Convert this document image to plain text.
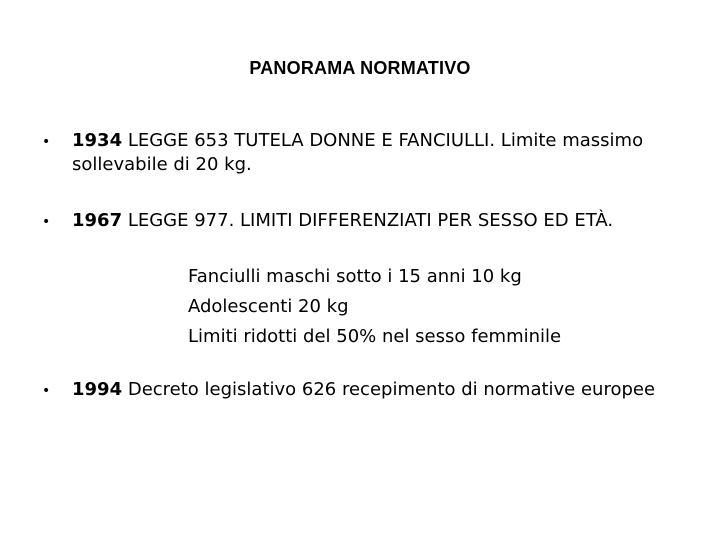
PANORAMA NORMATIVO
•	1934 LEGGE 653 TUTELA DONNE E FANCIULLI. Limite massimo sollevabile di 20 kg.
•	1967 LEGGE 977. LIMITI DIFFERENZIATI PER SESSO ED ETÀ.
Fanciulli maschi sotto i 15 anni 10 kg
Adolescenti 20 kg
Limiti ridotti del 50% nel sesso femminile
•	1994 Decreto legislativo 626 recepimento di normative europee
